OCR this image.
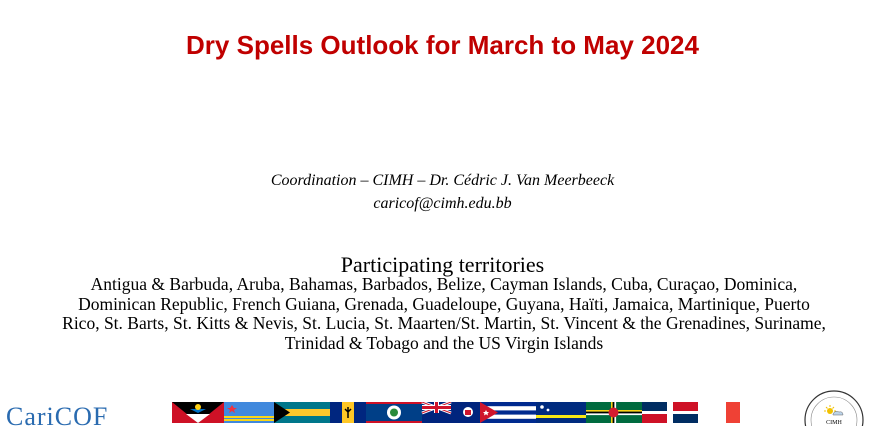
Dry Spells Outlook for March to May 2024
Coordination – CIMH – Dr. Cédric J. Van Meerbeeck
caricof@cimh.edu.bb
Participating territories
Antigua & Barbuda, Aruba, Bahamas, Barbados, Belize, Cayman Islands, Cuba, Curaçao, Dominica, Dominican Republic, French Guiana, Grenada, Guadeloupe, Guyana, Haïti, Jamaica, Martinique, Puerto Rico, St. Barts, St. Kitts & Nevis, St. Lucia, St. Maarten/St. Martin, St. Vincent & the Grenadines, Suriname, Trinidad & Tobago and the US Virgin Islands
CariCOF	CIMH
